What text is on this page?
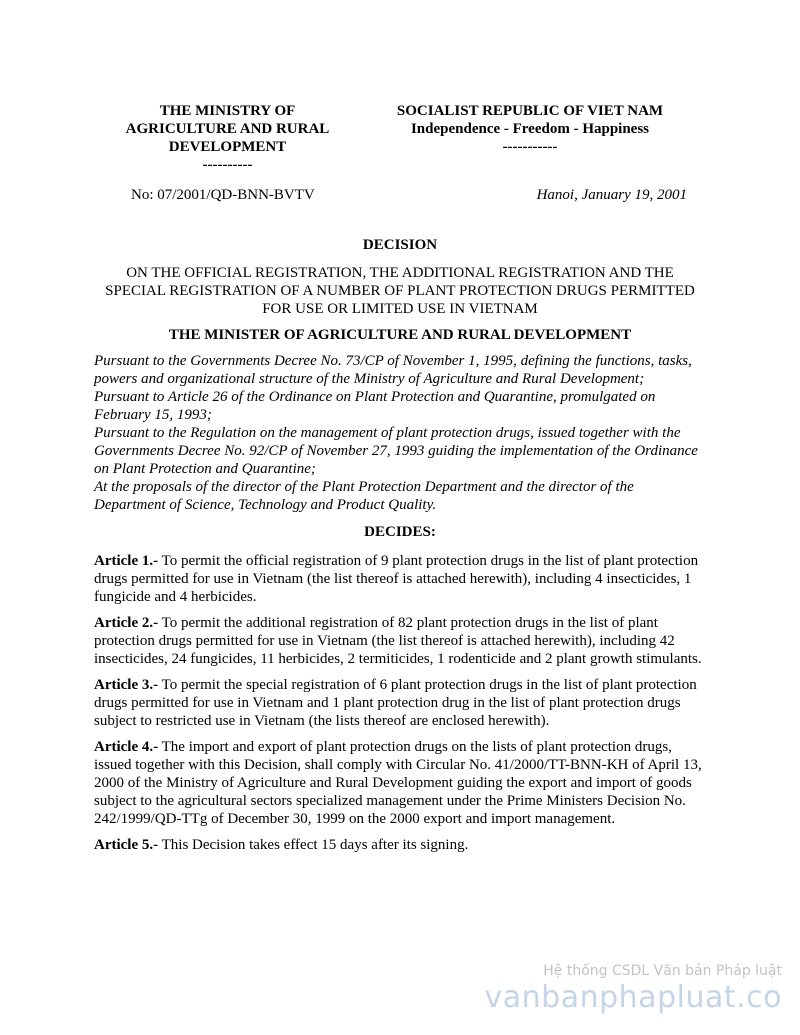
THE MINISTRY OF
AGRICULTURE AND RURAL
DEVELOPMENT
----------
SOCIALIST REPUBLIC OF VIET NAM
Independence - Freedom - Happiness
-----------
No: 07/2001/QD-BNN-BVTV	Hanoi, January 19, 2001
DECISION
ON THE OFFICIAL REGISTRATION, THE ADDITIONAL REGISTRATION AND THE SPECIAL REGISTRATION OF A NUMBER OF PLANT PROTECTION DRUGS PERMITTED FOR USE OR LIMITED USE IN VIETNAM
THE MINISTER OF AGRICULTURE AND RURAL DEVELOPMENT

Pursuant to the Governments Decree No. 73/CP of November 1, 1995, defining the functions, tasks, powers and organizational structure of the Ministry of Agriculture and Rural Development;

Pursuant to Article 26 of the Ordinance on Plant Protection and Quarantine, promulgated on February 15, 1993;

Pursuant to the Regulation on the management of plant protection drugs, issued together with the Governments Decree No. 92/CP of November 27, 1993 guiding the implementation of the Ordinance on Plant Protection and Quarantine;

At the proposals of the director of the Plant Protection Department and the director of the Department of Science, Technology and Product Quality.

DECIDES:
Article 1.- To permit the official registration of 9 plant protection drugs in the list of plant protection drugs permitted for use in Vietnam (the list thereof is attached herewith), including 4 insecticides, 1 fungicide and 4 herbicides.
Article 2.- To permit the additional registration of 82 plant protection drugs in the list of plant protection drugs permitted for use in Vietnam (the list thereof is attached herewith), including 42 insecticides, 24 fungicides, 11 herbicides, 2 termiticides, 1 rodenticide and 2 plant growth stimulants.
Article 3.- To permit the special registration of 6 plant protection drugs in the list of plant protection drugs permitted for use in Vietnam and 1 plant protection drug in the list of plant protection drugs subject to restricted use in Vietnam (the lists thereof are enclosed herewith).
Article 4.- The import and export of plant protection drugs on the lists of plant protection drugs, issued together with this Decision, shall comply with Circular No. 41/2000/TT-BNN-KH of April 13, 2000 of the Ministry of Agriculture and Rural Development guiding the export and import of goods subject to the agricultural sectors specialized management under the Prime Ministers Decision No. 242/1999/QD-TTg of December 30, 1999 on the 2000 export and import management.
Article 5.- This Decision takes effect 15 days after its signing.
Hệ thống CSDL Văn bản Pháp luật
vanbanphapluat.co
